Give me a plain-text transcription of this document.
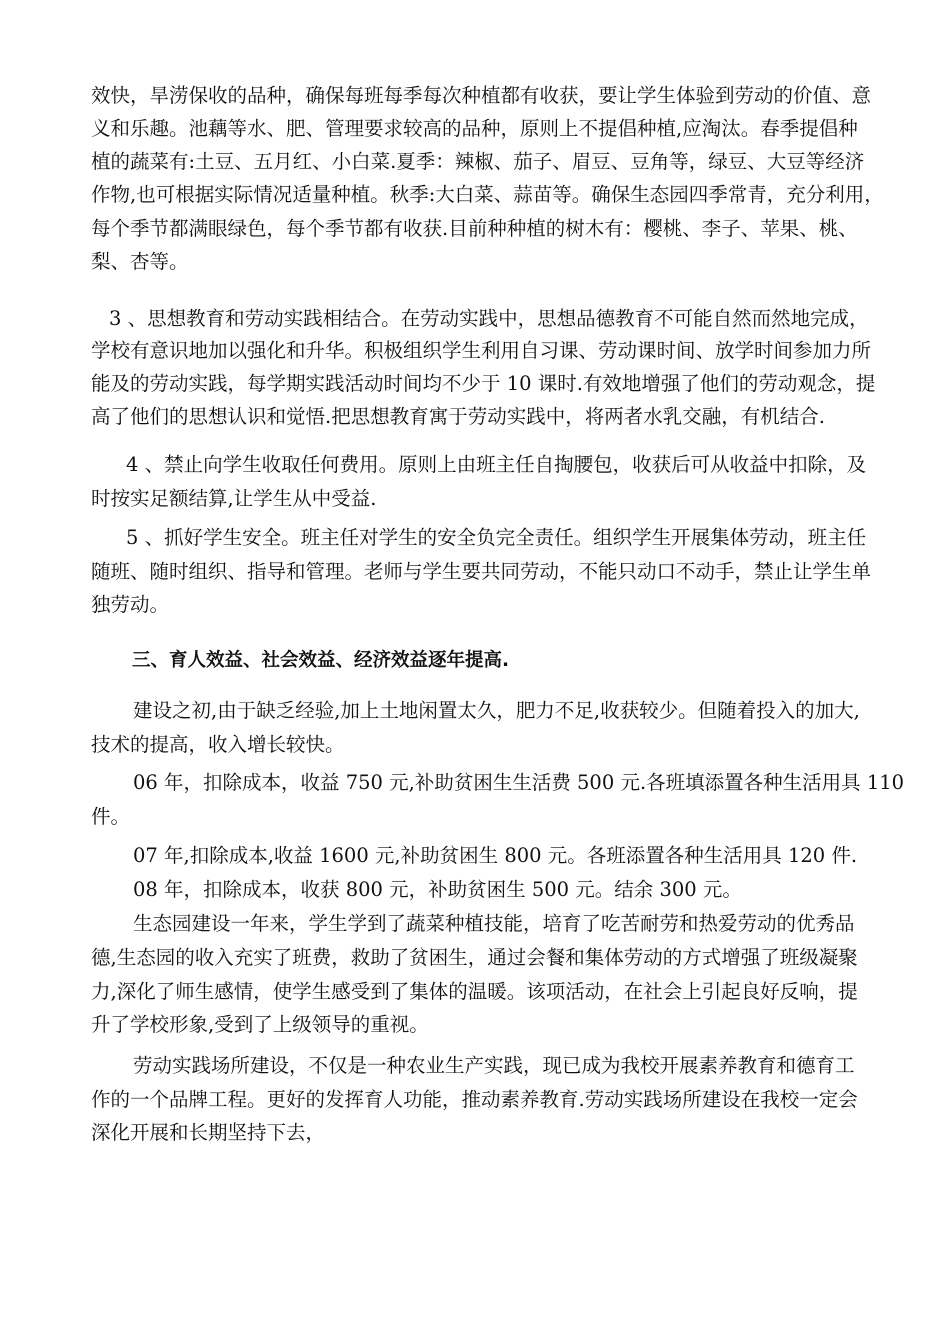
效快，旱涝保收的品种，确保每班每季每次种植都有收获，要让学生体验到劳动的价值、意
义和乐趣。池藕等水、肥、管理要求较高的品种，原则上不提倡种植,应淘汰。春季提倡种
植的蔬菜有:土豆、五月红、小白菜.夏季：辣椒、茄子、眉豆、豆角等，绿豆、大豆等经济
作物,也可根据实际情况适量种植。秋季:大白菜、蒜苗等。确保生态园四季常青，充分利用，
每个季节都满眼绿色，每个季节都有收获.目前种种植的树木有：樱桃、李子、苹果、桃、
梨、杏等。
3 、思想教育和劳动实践相结合。在劳动实践中，思想品德教育不可能自然而然地完成，
学校有意识地加以强化和升华。积极组织学生利用自习课、劳动课时间、放学时间参加力所
能及的劳动实践，每学期实践活动时间均不少于 10 课时.有效地增强了他们的劳动观念，提
高了他们的思想认识和觉悟.把思想教育寓于劳动实践中，将两者水乳交融，有机结合.
4 、禁止向学生收取任何费用。原则上由班主任自掏腰包，收获后可从收益中扣除，及
时按实足额结算,让学生从中受益.
5 、抓好学生安全。班主任对学生的安全负完全责任。组织学生开展集体劳动，班主任
随班、随时组织、指导和管理。老师与学生要共同劳动，不能只动口不动手，禁止让学生单
独劳动。
三、育人效益、社会效益、经济效益逐年提高.
建设之初,由于缺乏经验,加上土地闲置太久，肥力不足,收获较少。但随着投入的加大,
技术的提高，收入增长较快。
06 年，扣除成本，收益 750 元,补助贫困生生活费 500 元.各班填添置各种生活用具 110
件。
07 年,扣除成本,收益 1600 元,补助贫困生 800 元。各班添置各种生活用具 120 件.
08 年，扣除成本，收获 800 元，补助贫困生 500 元。结余 300 元。
生态园建设一年来，学生学到了蔬菜种植技能，培育了吃苦耐劳和热爱劳动的优秀品
德,生态园的收入充实了班费，救助了贫困生，通过会餐和集体劳动的方式增强了班级凝聚
力,深化了师生感情，使学生感受到了集体的温暖。该项活动，在社会上引起良好反响，提
升了学校形象,受到了上级领导的重视。
劳动实践场所建设，不仅是一种农业生产实践，现已成为我校开展素养教育和德育工
作的一个品牌工程。更好的发挥育人功能，推动素养教育.劳动实践场所建设在我校一定会
深化开展和长期坚持下去，
